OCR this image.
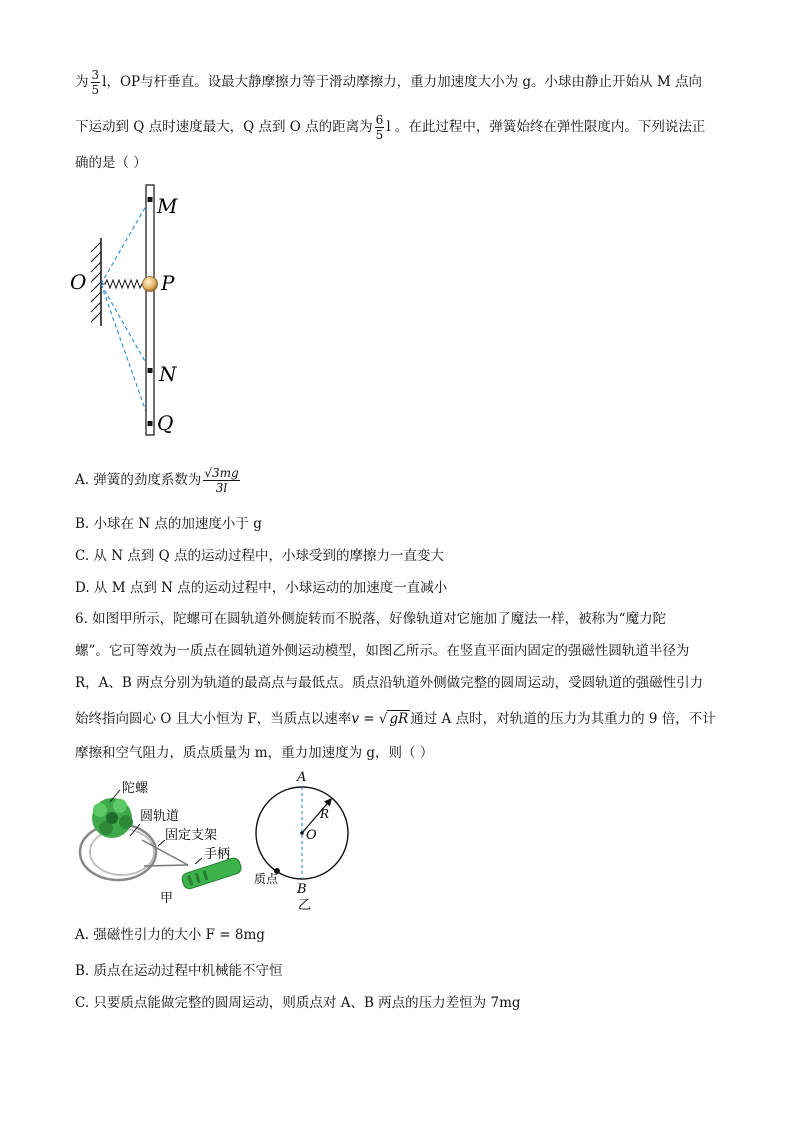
为 $\frac{3}{5}$ l，OP与杆垂直。设最大静摩擦力等于滑动摩擦力，重力加速度大小为 g。小球由静止开始从 M 点向
下运动到 Q 点时速度最大，Q 点到 O 点的距离为 $\frac{6}{5}$ l 。在此过程中，弹簧始终在弹性限度内。下列说法正
确的是（ ）
M
O	P
N
Q
A. 弹簧的劲度系数为 $\frac{√3mg}{3l}$
B. 小球在 N 点的加速度小于 g
C. 从 N 点到 Q 点的运动过程中，小球受到的摩擦力一直变大
D. 从 M 点到 N 点的运动过程中，小球运动的加速度一直减小
6. 如图甲所示，陀螺可在圆轨道外侧旋转而不脱落，好像轨道对它施加了魔法一样，被称为“魔力陀
螺”。它可等效为一质点在圆轨道外侧运动模型，如图乙所示。在竖直平面内固定的强磁性圆轨道半径为
R，A、B 两点分别为轨道的最高点与最低点。质点沿轨道外侧做完整的圆周运动，受圆轨道的强磁性引力
始终指向圆心 O 且大小恒为 F，当质点以速率v = √ gR 通过 A 点时，对轨道的压力为其重力的 9 倍，不计
摩擦和空气阻力，质点质量为 m，重力加速度为 g，则（ ）
陀螺
圆轨道
固定支架
手柄
甲
A
R
O
B
质点
乙
A. 强磁性引力的大小 F = 8mg
B. 质点在运动过程中机械能不守恒
C. 只要质点能做完整的圆周运动，则质点对 A、B 两点的压力差恒为 7mg
